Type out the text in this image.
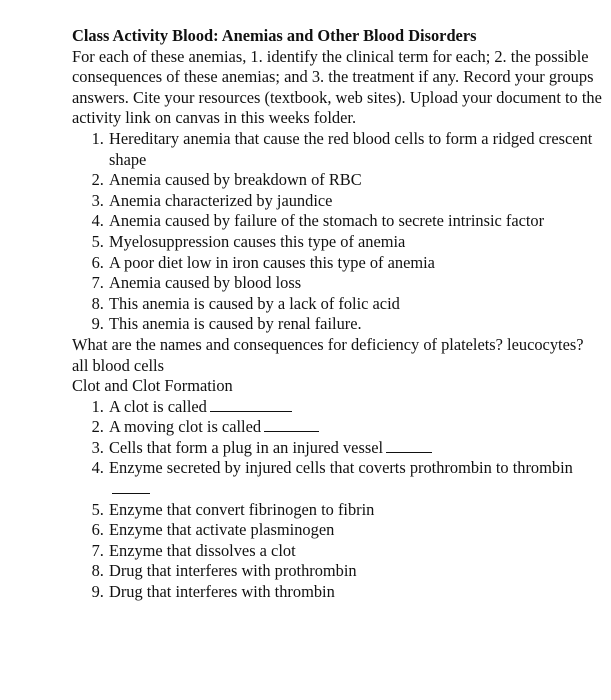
Class Activity Blood: Anemias and Other Blood Disorders

For each of these anemias, 1. identify the clinical term for each; 2. the possible consequences of these anemias; and 3. the treatment if any. Record your groups answers. Cite your resources (textbook, web sites). Upload your document to the activity link on canvas in this weeks folder.

1. Hereditary anemia that cause the red blood cells to form a ridged crescent shape
2. Anemia caused by breakdown of RBC
3. Anemia characterized by jaundice
4. Anemia caused by failure of the stomach to secrete intrinsic factor
5. Myelosuppression causes this type of anemia
6. A poor diet low in iron causes this type of anemia
7. Anemia caused by blood loss
8. This anemia is caused by a lack of folic acid
9. This anemia is caused by renal failure.

What are the names and consequences for deficiency of platelets? leucocytes? all blood cells

Clot and Clot Formation

1. A clot is called
2. A moving clot is called
3. Cells that form a plug in an injured vessel
4. Enzyme secreted by injured cells that coverts prothrombin to thrombin
5. Enzyme that convert fibrinogen to fibrin
6. Enzyme that activate plasminogen
7. Enzyme that dissolves a clot
8. Drug that interferes with prothrombin
9. Drug that interferes with thrombin
